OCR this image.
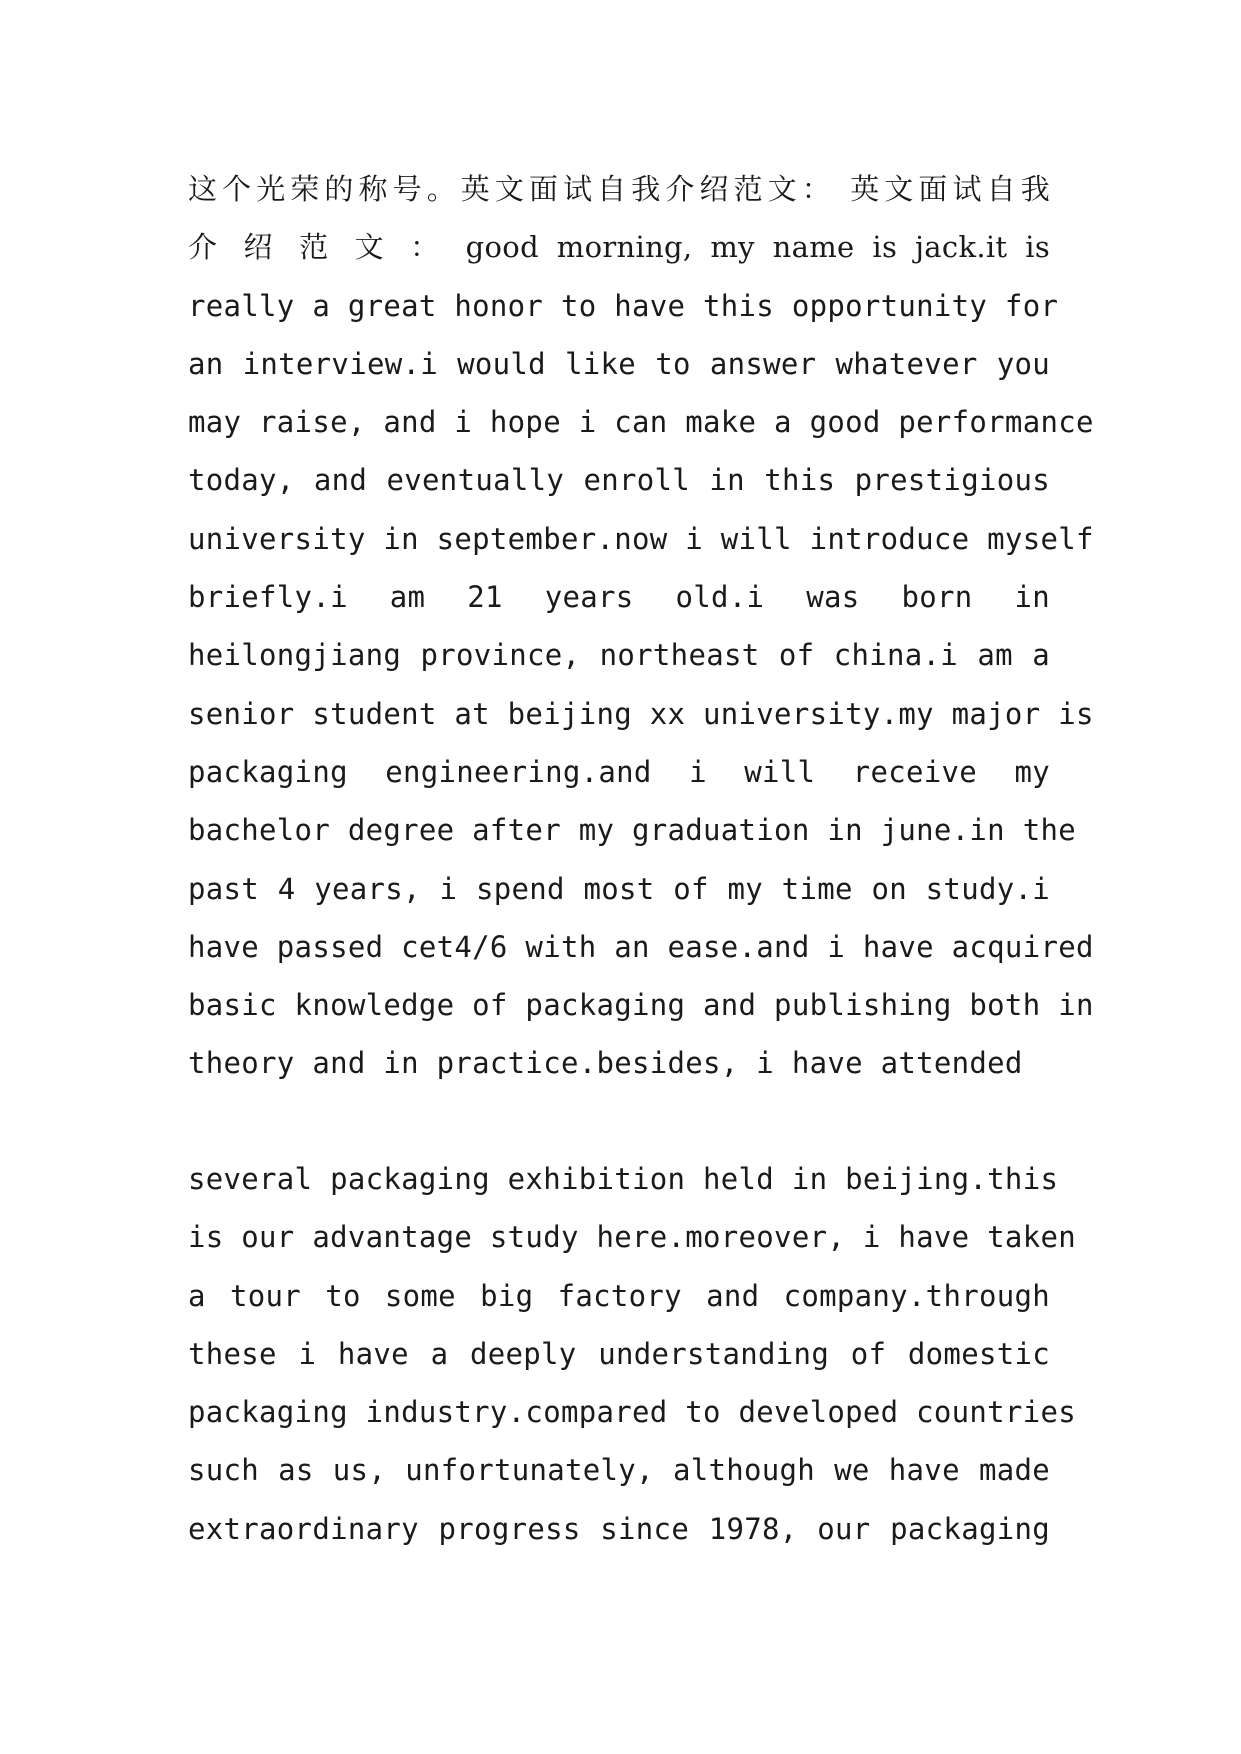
这个光荣的称号。英文面试自我介绍范文： 英文面试自我
介 绍 范 文 ： good morning, my name is jack.it is
really a great honor to have this opportunity for
an interview.i would like to answer whatever you
may raise, and i hope i can make a good performance
today, and eventually enroll in this prestigious
university in september.now i will introduce myself
briefly.i am 21 years old.i was born in
heilongjiang province, northeast of china.i am a
senior student at beijing xx university.my major is
packaging engineering.and i will receive my
bachelor degree after my graduation in june.in the
past 4 years, i spend most of my time on study.i
have passed cet4/6 with an ease.and i have acquired
basic knowledge of packaging and publishing both in
theory and in practice.besides, i have attended
several packaging exhibition held in beijing.this
is our advantage study here.moreover, i have taken
a tour to some big factory and company.through
these i have a deeply understanding of domestic
packaging industry.compared to developed countries
such as us, unfortunately, although we have made
extraordinary progress since 1978, our packaging
